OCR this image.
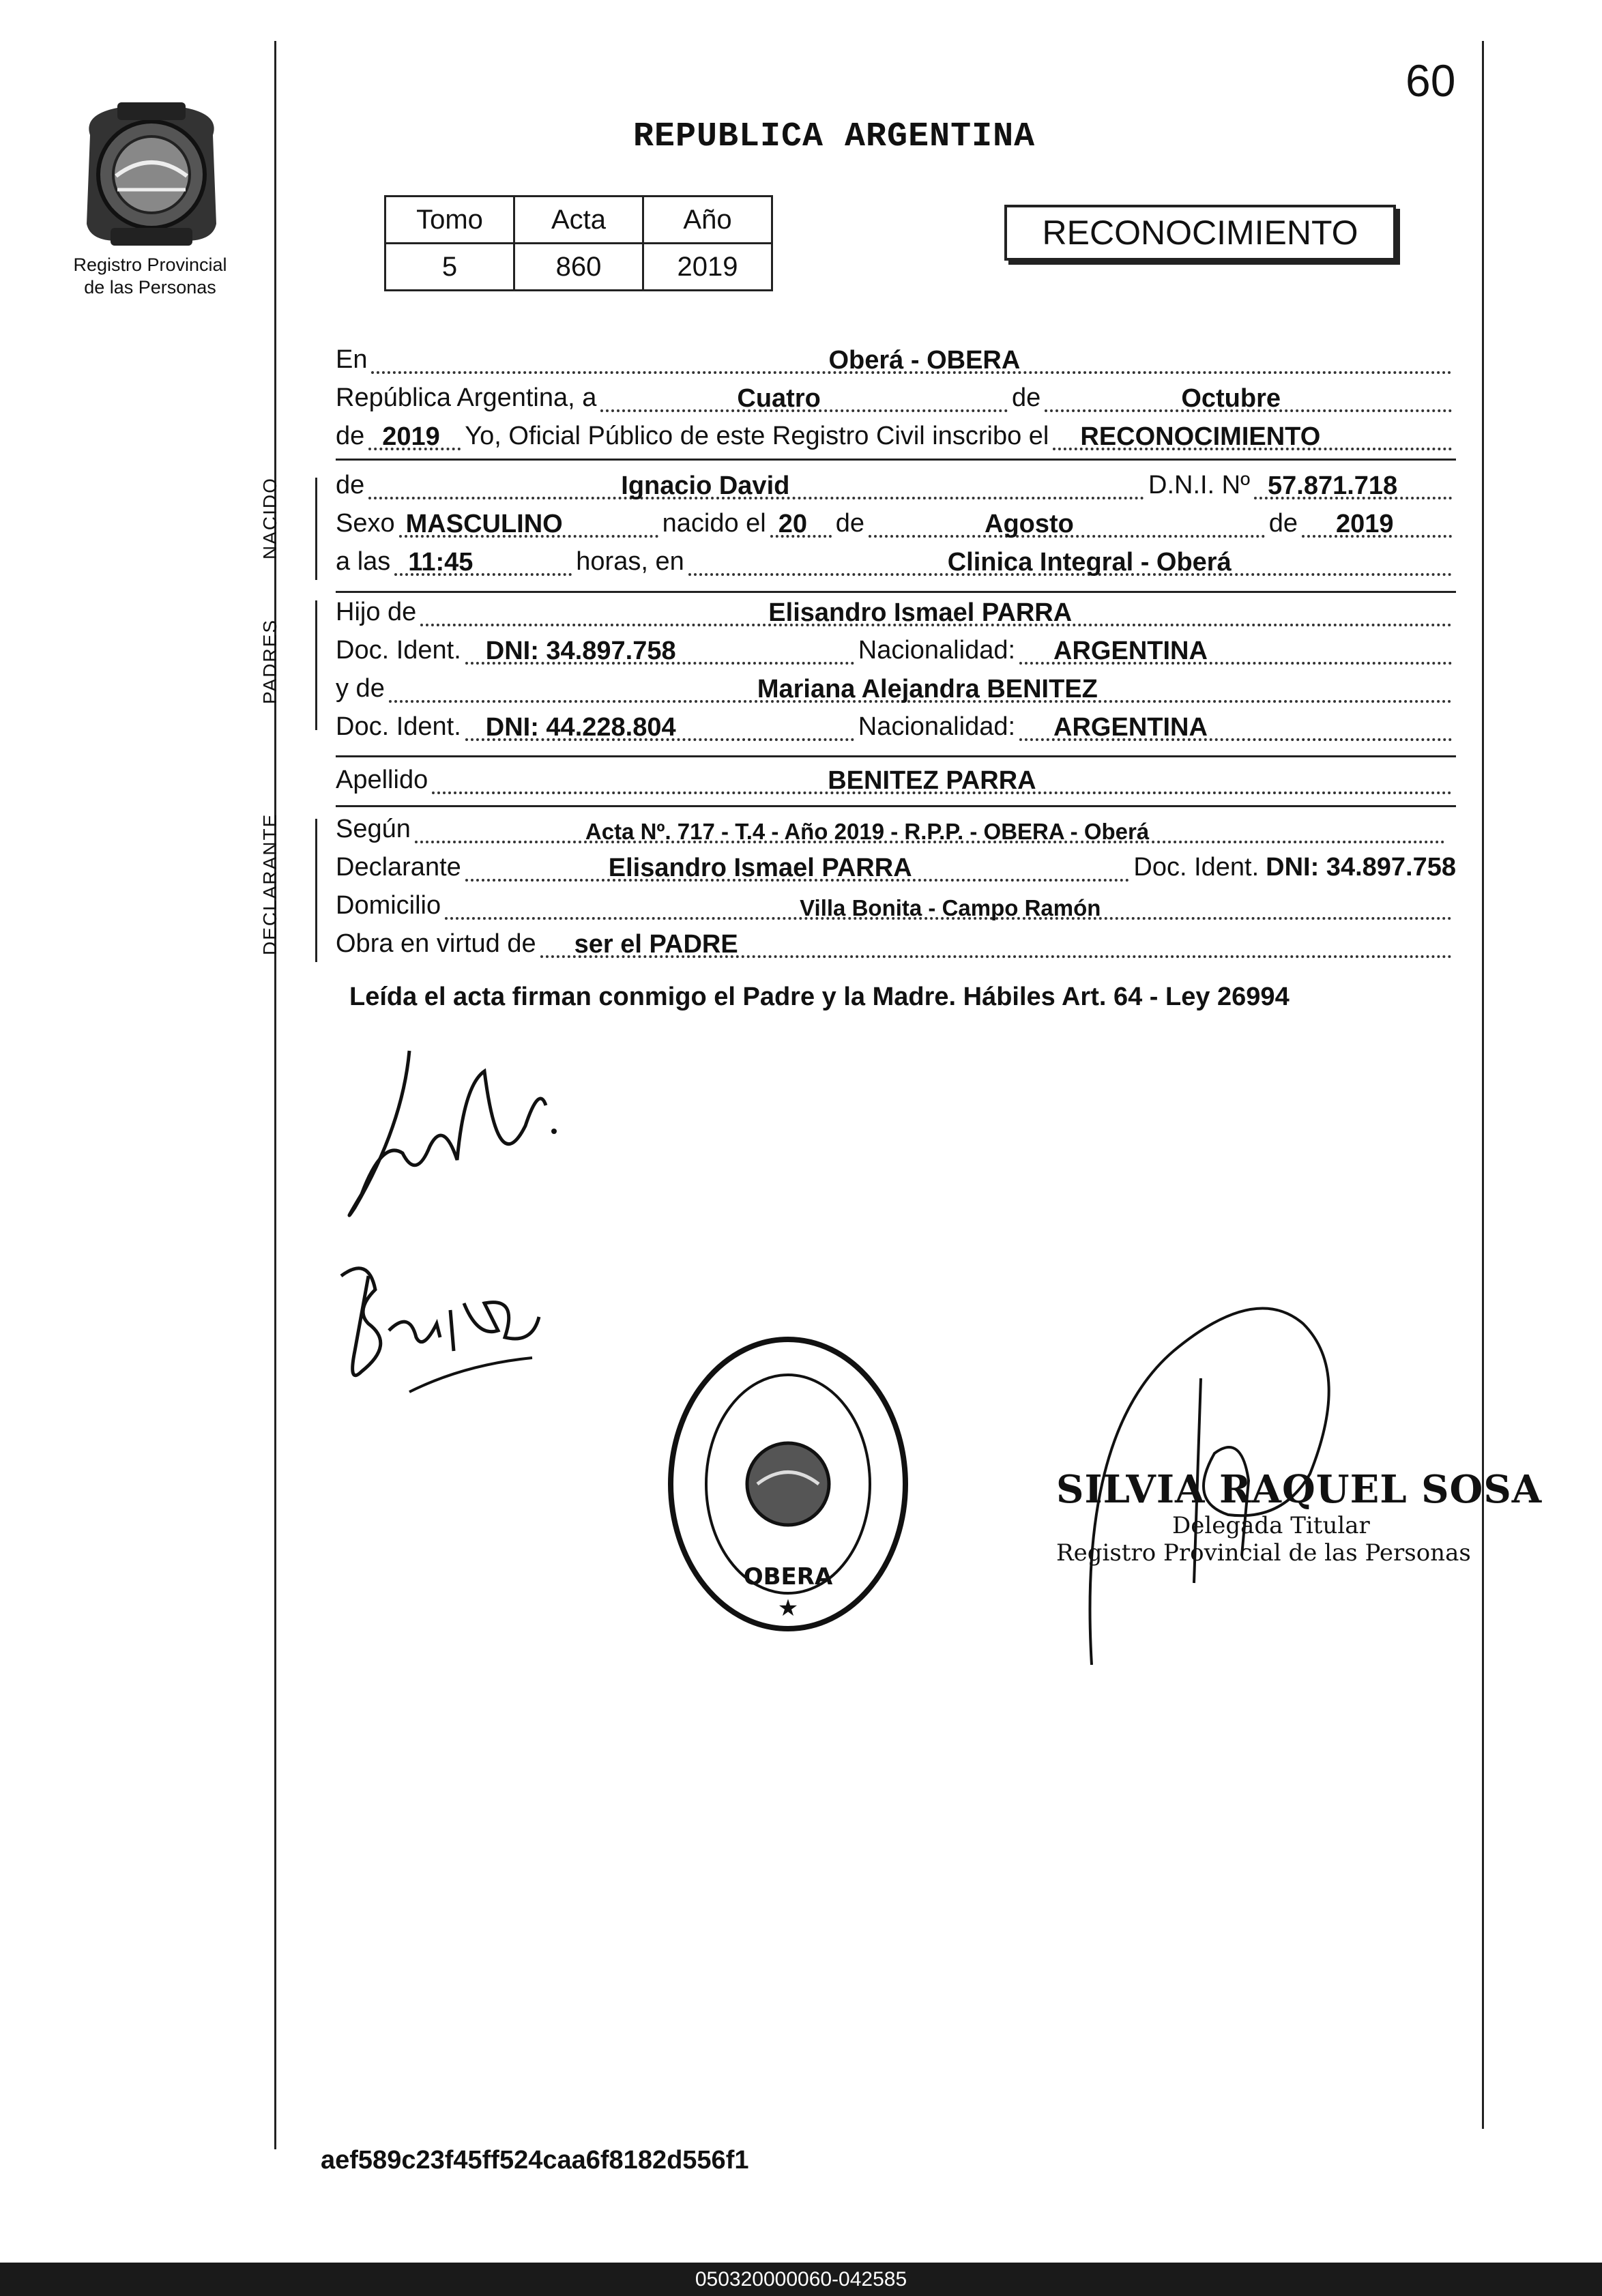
60
Registro Provincial
de las Personas
REPUBLICA ARGENTINA
Tomo	Acta	Año
5	860	2019
RECONOCIMIENTO
NACIDO
PADRES
DECLARANTE
En	Oberá - OBERA
República Argentina, a	Cuatro	de	Octubre
de 2019 Yo, Oficial Público de este Registro Civil inscribo el RECONOCIMIENTO
de	Ignacio David	D.N.I. Nº 57.871.718
Sexo MASCULINO	nacido el 20 de	Agosto	de 2019
a las 11:45	horas, en	Clinica Integral - Oberá
Hijo de	Elisandro Ismael PARRA
Doc. Ident. DNI: 34.897.758	Nacionalidad: ARGENTINA
y de	Mariana Alejandra BENITEZ
Doc. Ident. DNI: 44.228.804	Nacionalidad: ARGENTINA
Apellido	BENITEZ PARRA
Según	Acta Nº. 717 - T.4 - Año 2019 - R.P.P. - OBERA - Oberá
Declarante	Elisandro Ismael PARRA	Doc. Ident. DNI: 34.897.758
Domicilio	Villa Bonita - Campo Ramón
Obra en virtud de ser el PADRE
Leída el acta firman conmigo el Padre y la Madre. Hábiles Art. 64 - Ley 26994
OBERA
★
SILVIA RAQUEL SOSA
Delegada Titular
Registro Provincial de las Personas
aef589c23f45ff524caa6f8182d556f1
050320000060-042585
